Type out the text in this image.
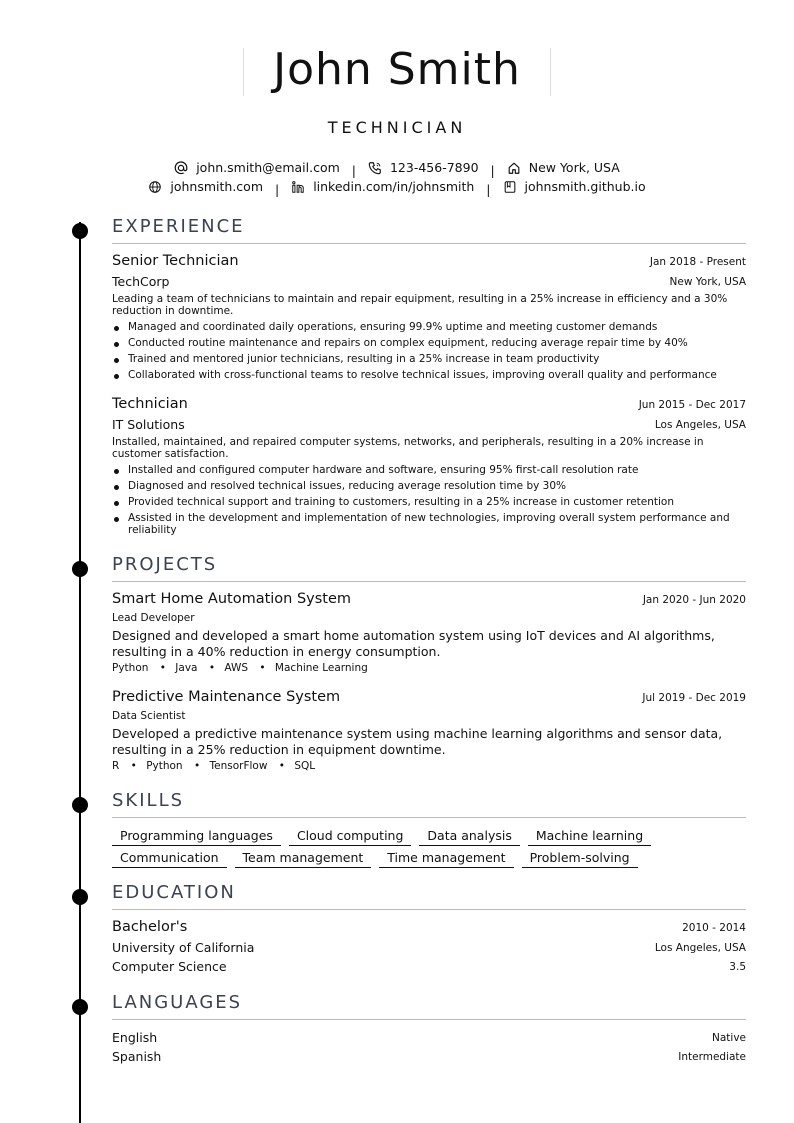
John Smith
TECHNICIAN
john.smith@email.com |	123-456-7890 |	New York, USA
johnsmith.com |	linkedin.com/in/johnsmith |	johnsmith.github.io
EXPERIENCE
Senior Technician	Jan 2018 - Present
TechCorp	New York, USA
Leading a team of technicians to maintain and repair equipment, resulting in a 25% increase in efficiency and a 30% reduction in downtime.
Managed and coordinated daily operations, ensuring 99.9% uptime and meeting customer demands
Conducted routine maintenance and repairs on complex equipment, reducing average repair time by 40%
Trained and mentored junior technicians, resulting in a 25% increase in team productivity
Collaborated with cross-functional teams to resolve technical issues, improving overall quality and performance
Technician	Jun 2015 - Dec 2017
IT Solutions	Los Angeles, USA
Installed, maintained, and repaired computer systems, networks, and peripherals, resulting in a 20% increase in customer satisfaction.
Installed and configured computer hardware and software, ensuring 95% first-call resolution rate
Diagnosed and resolved technical issues, reducing average resolution time by 30%
Provided technical support and training to customers, resulting in a 25% increase in customer retention
Assisted in the development and implementation of new technologies, improving overall system performance and reliability
PROJECTS
Smart Home Automation System	Jan 2020 - Jun 2020
Lead Developer
Designed and developed a smart home automation system using IoT devices and AI algorithms, resulting in a 40% reduction in energy consumption.
Python • Java • AWS • Machine Learning
Predictive Maintenance System	Jul 2019 - Dec 2019
Data Scientist
Developed a predictive maintenance system using machine learning algorithms and sensor data, resulting in a 25% reduction in equipment downtime.
R • Python • TensorFlow • SQL
SKILLS
Programming languages	Cloud computing	Data analysis	Machine learning
Communication	Team management	Time management	Problem-solving
EDUCATION
Bachelor's	2010 - 2014
University of California	Los Angeles, USA
Computer Science	3.5
LANGUAGES
English	Native
Spanish	Intermediate
